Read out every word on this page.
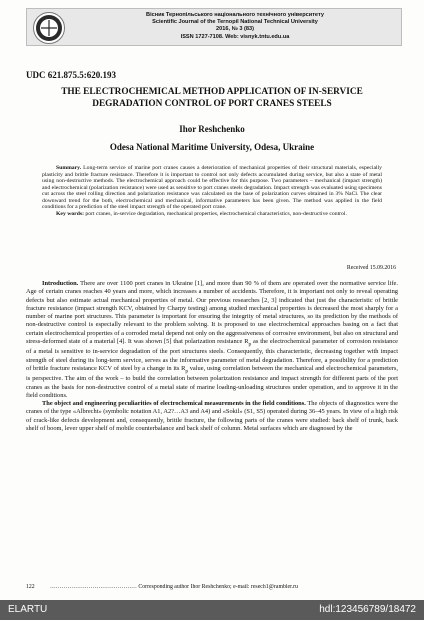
Вісник Тернопільського національного технічного університету
Scientific Journal of the Ternopil National Technical University
2016, № 3 (83)
ISSN 1727-7108. Web: visnyk.tntu.edu.ua
UDC 621.875.5:620.193
THE ELECTROCHEMICAL METHOD APPLICATION OF IN-SERVICE DEGRADATION CONTROL OF PORT CRANES STEELS
Ihor Reshchenko
Odesa National Maritime University, Odesa, Ukraine
Summary. Long-term service of marine port cranes causes a deterioration of mechanical properties of their structural materials, especially plasticity and brittle fracture resistance. Therefore it is important to control not only defects accumulated during service, but also a state of metal using non-destructive methods. The electrochemical approach could be effective for this purpose. Two parameters – mechanical (impact strength) and electrochemical (polarization resistance) were used as sensitive to port cranes steels degradation. Impact strength was evaluated using specimens cut across the steel rolling direction and polarization resistance was calculated on the base of polarization curves obtained in 3% NaCl. The clear downward trend for the both, electrochemical and mechanical, informative parameters has been given. The method was applied in the field conditions for a prediction of the steel impact strength of the operated port crane.
Key words: port cranes, in-service degradation, mechanical properties, electrochemical characteristics, non-destructive control.
Received 15.09.2016

Introduction. There are over 1100 port cranes in Ukraine [1], and more than 90 % of them are operated over the normative service life. Age of certain cranes reaches 40 years and more, which increases a number of accidents. Therefore, it is important not only to reveal operating defects but also estimate actual mechanical properties of metal. Our previous researches [2, 3] indicated that just the characteristic of brittle fracture resistance (impact strength KCV, obtained by Charpy testing) among studied mechanical properties is decreased the most sharply for a number of marine port structures. This parameter is important for ensuring the integrity of metal structures, so its prediction by the methods of non-destructive control is especially relevant to the problem solving. It is proposed to use electrochemical approaches basing on a fact that certain electrochemical properties of a corroded metal depend not only on the aggressiveness of corrosive environment, but also on structural and stress-deformed state of a material [4]. It was shown [5] that polarization resistance $R_p$ as the electrochemical parameter of corrosion resistance of a metal is sensitive to in-service degradation of the port structures steels. Consequently, this characteristic, decreasing together with impact strength of steel during its long-term service, serves as the informative parameter of metal degradation. Therefore, a possibility for a prediction of brittle fracture resistance KCV of steel by a change in its $R_p$ value, using correlation between the mechanical and electrochemical parameters, is perspective. The aim of the work – to build the correlation between polarization resistance and impact strength for different parts of the port cranes as the basis for non-destructive control of a metal state of marine loading-unloading structures under operation, and to approve it in the field conditions.

The object and engineering peculiarities of electrochemical measurements in the field conditions. The objects of diagnostics were the cranes of the type «Albrecht» (symbolic notation A1, A2?…A3 and A4) and «Sokil» (S1, S5) operated during 36–45 years. In view of a high risk of crack-like defects development and, consequently, brittle fracture, the following parts of the cranes were studied: back shelf of trunk, back shelf of boom, lever upper shelf of mobile counterbalance and back shelf of column. Metal surfaces which are diagnosed by the

122	……………………………………… Corresponding author Ihor Reshchenko; e-mail: resech1@rambler.ru
ELARTU	hdl:123456789/18472
